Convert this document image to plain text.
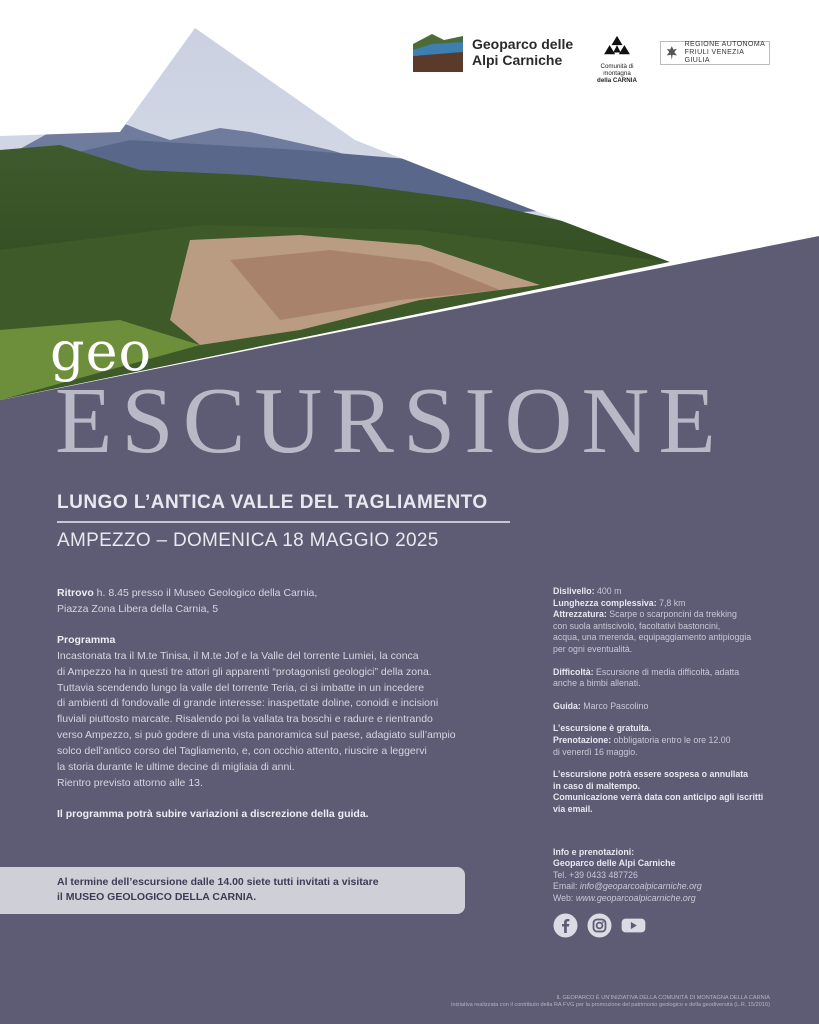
Geoparco delle
Alpi Carniche	Comunità di montagna
della CARNIA
REGIONE AUTONOMA
FRIULI VENEZIA GIULIA
geo
ESCURSIONE
LUNGO L’ANTICA VALLE DEL TAGLIAMENTO
AMPEZZO – DOMENICA 18 MAGGIO 2025

Ritrovo h. 8.45 presso il Museo Geologico della Carnia,

Piazza Zona Libera della Carnia, 5

Programma

Incastonata tra il M.te Tinisa, il M.te Jof e la Valle del torrente Lumiei, la conca

di Ampezzo ha in questi tre attori gli apparenti “protagonisti geologici” della zona.

Tuttavia scendendo lungo la valle del torrente Teria, ci si imbatte in un incedere

di ambienti di fondovalle di grande interesse: inaspettate doline, conoidi e incisioni

fluviali piuttosto marcate. Risalendo poi la vallata tra boschi e radure e rientrando

verso Ampezzo, si può godere di una vista panoramica sul paese, adagiato sull’ampio

solco dell’antico corso del Tagliamento, e, con occhio attento, riuscire a leggervi

la storia durante le ultime decine di migliaia di anni.

Rientro previsto attorno alle 13.

Il programma potrà subire variazioni a discrezione della guida.

Dislivello: 400 m

Lunghezza complessiva: 7,8 km

Attrezzatura: Scarpe o scarponcini da trekking

con suola antiscivolo, facoltativi bastoncini,

acqua, una merenda, equipaggiamento antipioggia

per ogni eventualità.

Difficoltà: Escursione di media difficoltà, adatta

anche a bimbi allenati.

Guida: Marco Pascolino

L’escursione è gratuita.

Prenotazione: obbligatoria entro le ore 12.00

di venerdì 16 maggio.

L’escursione potrà essere sospesa o annullata

in caso di maltempo.

Comunicazione verrà data con anticipo agli iscritti

via email.

Al termine dell’escursione dalle 14.00 siete tutti invitati a visitare
il MUSEO GEOLOGICO DELLA CARNIA.
Info e prenotazioni:
Geoparco delle Alpi Carniche
Tel. +39 0433 487726
Email: info@geoparcoalpicarniche.org
Web: www.geoparcoalpicarniche.org
IL GEOPARCO È UN’INIZIATIVA DELLA COMUNITÀ DI MONTAGNA DELLA CARNIA
Iniziativa realizzata con il contributo della RA FVG per la promozione del patrimonio geologico e della geodiversità (L.R. 15/2016)
